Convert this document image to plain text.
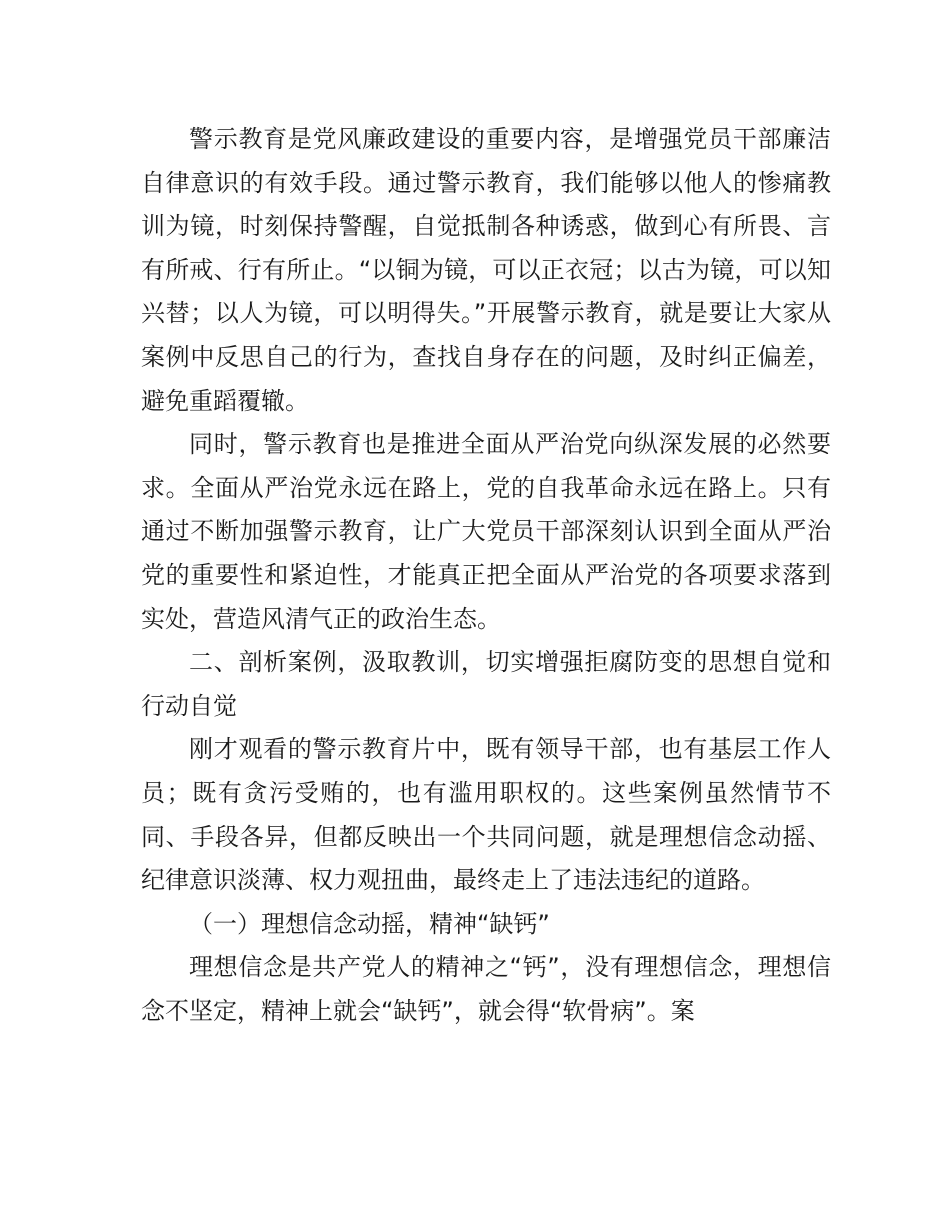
警示教育是党风廉政建设的重要内容，是增强党员干部廉洁自律意识的有效手段。通过警示教育，我们能够以他人的惨痛教训为镜，时刻保持警醒，自觉抵制各种诱惑，做到心有所畏、言有所戒、行有所止。“以铜为镜，可以正衣冠；以古为镜，可以知兴替；以人为镜，可以明得失。”开展警示教育，就是要让大家从案例中反思自己的行为，查找自身存在的问题，及时纠正偏差，避免重蹈覆辙。

同时，警示教育也是推进全面从严治党向纵深发展的必然要求。全面从严治党永远在路上，党的自我革命永远在路上。只有通过不断加强警示教育，让广大党员干部深刻认识到全面从严治党的重要性和紧迫性，才能真正把全面从严治党的各项要求落到实处，营造风清气正的政治生态。

二、剖析案例，汲取教训，切实增强拒腐防变的思想自觉和行动自觉

刚才观看的警示教育片中，既有领导干部，也有基层工作人员；既有贪污受贿的，也有滥用职权的。这些案例虽然情节不同、手段各异，但都反映出一个共同问题，就是理想信念动摇、纪律意识淡薄、权力观扭曲，最终走上了违法违纪的道路。

（一）理想信念动摇，精神“缺钙”

理想信念是共产党人的精神之“钙”，没有理想信念，理想信念不坚定，精神上就会“缺钙”，就会得“软骨病”。案
